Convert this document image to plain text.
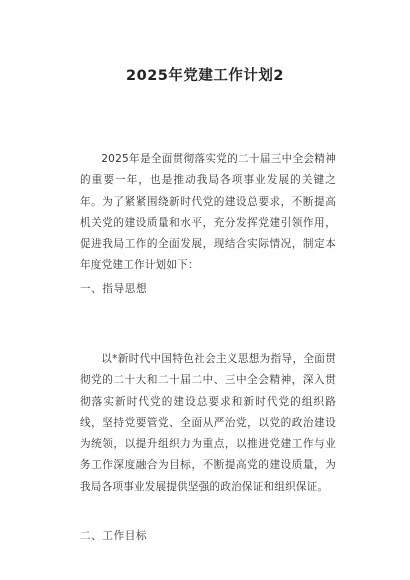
2025年党建工作计划2

2025年是全面贯彻落实党的二十届三中全会精神的重要一年，也是推动我局各项事业发展的关键之年。为了紧紧围绕新时代党的建设总要求，不断提高机关党的建设质量和水平，充分发挥党建引领作用，促进我局工作的全面发展，现结合实际情况，制定本年度党建工作计划如下：

一、指导思想

以*新时代中国特色社会主义思想为指导，全面贯彻党的二十大和二十届二中、三中全会精神，深入贯彻落实新时代党的建设总要求和新时代党的组织路线，坚持党要管党、全面从严治党，以党的政治建设为统领，以提升组织力为重点，以推进党建工作与业务工作深度融合为目标，不断提高党的建设质量，为我局各项事业发展提供坚强的政治保证和组织保证。

二、工作目标
